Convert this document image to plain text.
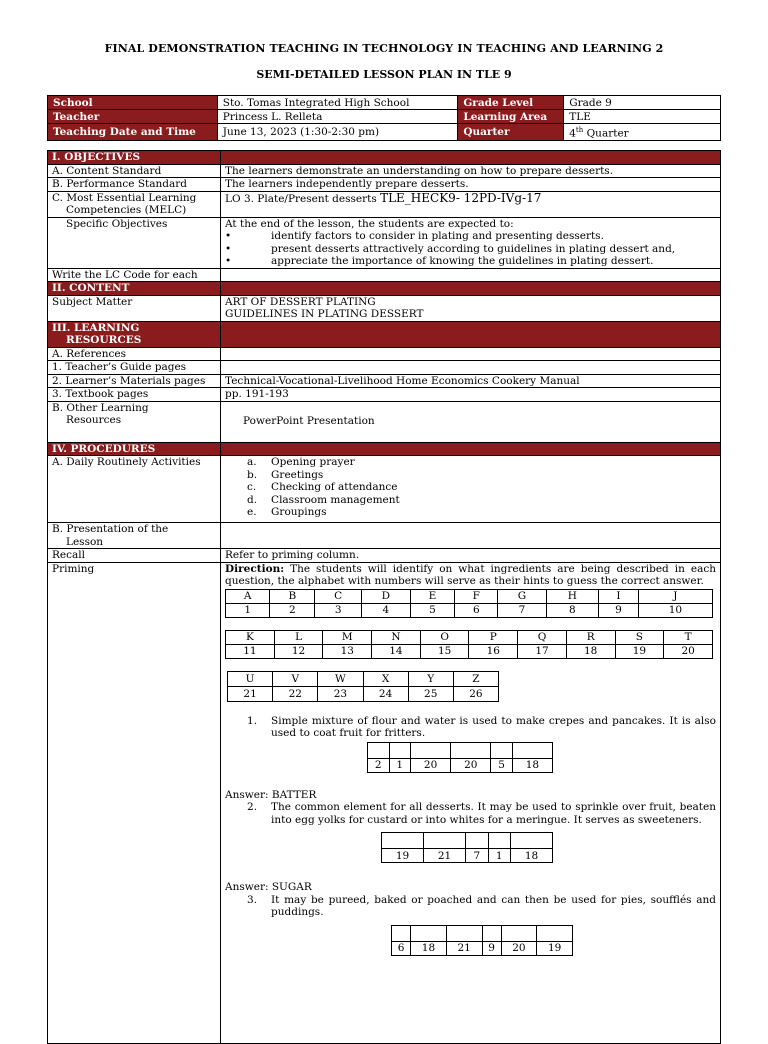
FINAL DEMONSTRATION TEACHING IN TECHNOLOGY IN TEACHING AND LEARNING 2
SEMI-DETAILED LESSON PLAN IN TLE 9
School	Sto. Tomas Integrated High School	Grade Level	Grade 9
Teacher	Princess L. Relleta	Learning Area	TLE
Teaching Date and Time	June 13, 2023 (1:30-2:30 pm)	Quarter	4th Quarter
I. OBJECTIVES	
A. Content Standard	The learners demonstrate an understanding on how to prepare desserts.
B. Performance Standard	The learners independently prepare desserts.
C. Most Essential Learning
Competencies (MELC)
	LO 3. Plate/Present desserts TLE_HECK9- 12PD-IVg-17

Specific Objectives	At the end of the lesson, the students are expected to:
•	identify factors to consider in plating and presenting desserts.
•	present desserts attractively according to guidelines in plating dessert and,
•	appreciate the importance of knowing the guidelines in plating dessert.

Write the LC Code for each	
II. CONTENT	
Subject Matter	ART OF DESSERT PLATING
GUIDELINES IN PLATING DESSERT
III. LEARNING
RESOURCES

A. References	
1. Teacher’s Guide pages	
2. Learner’s Materials pages	Technical-Vocational-Livelihood Home Economics Cookery Manual
3. Textbook pages	pp. 191-193
B. Other Learning
Resources	PowerPoint Presentation
IV. PROCEDURES	
A. Daily Routinely Activities	a. Opening prayer
b. Greetings
c. Checking of attendance
d. Classroom management
e. Groupings

B. Presentation of the
Lesson

Recall	Refer to priming column.
Priming	Direction: The students will identify on what ingredients are being described in each question, the alphabet with numbers will serve as their hints to guess the correct answer.
A	B	C	D	E	F	G	H	I	J
1	2	3	4	5	6	7	8	9	10
K	L	M	N	O	P	Q	R	S	T
11	12	13	14	15	16	17	18	19	20
U	V	W	X	Y	Z
21	22	23	24	25	26
1. Simple mixture of flour and water is used to make crepes and pancakes. It is also used to coat fruit for fritters.

2	1	20	20	5	18
Answer: BATTER
2. The common element for all desserts. It may be used to sprinkle over fruit, beaten into egg yolks for custard or into whites for a meringue. It serves as sweeteners.

19	21	7	1	18
Answer: SUGAR
3. It may be pureed, baked or poached and can then be used for pies, soufflés and puddings.

6	18	21	9	20	19
